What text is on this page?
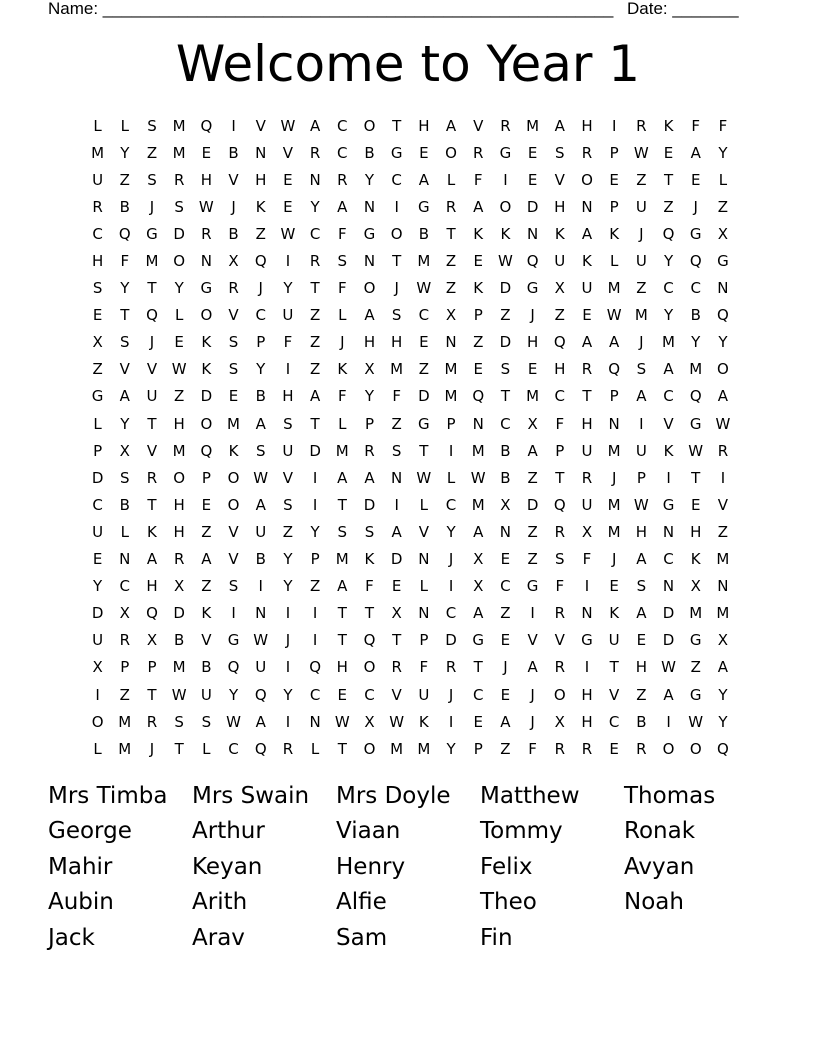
Name: ______________________________________________________ Date: _______
Welcome to Year 1
L	L	S	M Q	I	V W A	C	O	T	H	A	V	R	M	A	H	I	R	K	F	F
M	Y	Z	M	E	B	N	V	R	C	B	G	E	O	R	G	E	S	R	P	W	E	A	Y
U	Z	S	R	H	V	H	E	N	R	Y	C	A	L	F	I	E	V	O	E	Z	T	E	L
R	B	J	S	W	J	K	E	Y	A	N	I	G	R	A	O	D	H	N	P	U	Z	J	Z
C	Q	G	D	R	B	Z W C	F	G	O	B	T	K	K	N	K	A	K	J	Q	G	X
H	F	M O	N	X	Q	I	R	S	N	T	M	Z	E	W Q	U	K	L	U	Y	Q	G
S	Y	T	Y	G	R	J	Y	T	F	O	J	W Z	K	D	G	X	U	M	Z	C	C	N
E	T	Q	L	O	V	C	U	Z	L	A	S	C	X	P	Z	J	Z	E	W M	Y	B	Q
X	S	J	E	K	S	P	F	Z	J	H	H	E	N	Z	D	H	Q	A	A	J	M	Y	Y
Z	V	V W K	S	Y	I	Z	K	X	M	Z	M	E	S	E	H	R	Q	S	A	M O
G	A	U	Z	D	E	B	H	A	F	Y	F	D M Q	T	M	C	T	P	A	C	Q	A
L	Y	T	H	O M	A	S	T	L	P	Z	G	P	N	C	X	F	H	N	I	V	G W
P	X	V	M Q	K	S	U	D M	R	S	T	I	M	B	A	P	U	M	U	K W R
D	S	R	O	P	O W V	I	A	A	N W	L	W B	Z	T	R	J	P	I	T	I
C	B	T	H	E	O	A	S	I	T	D	I	L	C	M	X	D	Q	U	M W G	E	V
U	L	K	H	Z	V	U	Z	Y	S	S	A	V	Y	A	N	Z	R	X	M	H	N	H	Z
E	N	A	R	A	V	B	Y	P	M	K	D	N	J	X	E	Z	S	F	J	A	C	K	M
Y	C	H	X	Z	S	I	Y	Z	A	F	E	L	I	X	C	G	F	I	E	S	N	X	N
D	X	Q	D	K	I	N	I	I	T	T	X	N	C	A	Z	I	R	N	K	A	D M M
U	R	X	B	V	G W	J	I	T	Q	T	P	D	G	E	V	V	G	U	E	D	G	X
X	P	P	M	B	Q	U	I	Q	H	O	R	F	R	T	J	A	R	I	T	H W Z	A
I	Z	T	W U	Y	Q	Y	C	E	C	V	U	J	C	E	J	O	H	V	Z	A	G	Y
O M	R	S	S	W A	I	N W X W K	I	E	A	J	X	H	C	B	I	W	Y
L	M	J	T	L	C	Q	R	L	T	O M M	Y	P	Z	F	R	R	E	R	O	O	Q
Mrs Timba	Mrs Swain	Mrs Doyle	Matthew	Thomas
George	Arthur	Viaan	Tommy	Ronak
Mahir	Keyan	Henry	Felix	Avyan
Aubin	Arith	Alfie	Theo	Noah
Jack	Arav	Sam	Fin
